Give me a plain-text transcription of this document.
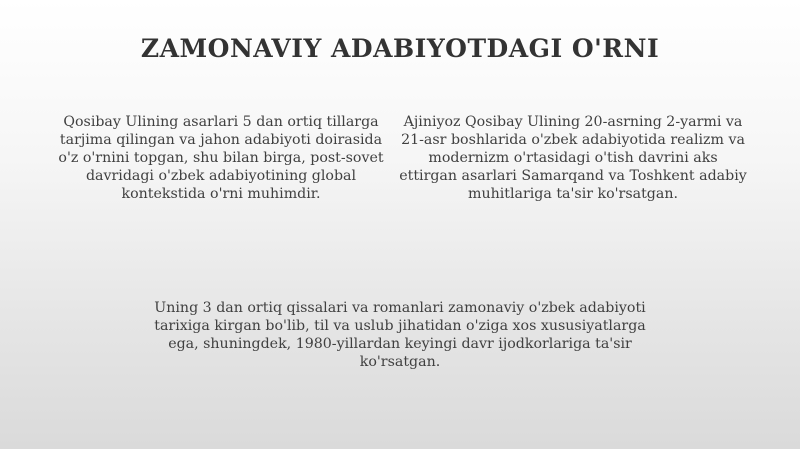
ZAMONAVIY ADABIYOTDAGI O'RNI
Qosibay Ulining asarlari 5 dan ortiq tillarga tarjima qilingan va jahon adabiyoti doirasida o'z o'rnini topgan, shu bilan birga, post-sovet davridagi o'zbek adabiyotining global kontekstida o'rni muhimdir.
Ajiniyoz Qosibay Ulining 20-asrning 2-yarmi va 21-asr boshlarida o'zbek adabiyotida realizm va modernizm o'rtasidagi o'tish davrini aks ettirgan asarlari Samarqand va Toshkent adabiy muhitlariga ta'sir ko'rsatgan.
Uning 3 dan ortiq qissalari va romanlari zamonaviy o'zbek adabiyoti tarixiga kirgan bo'lib, til va uslub jihatidan o'ziga xos xususiyatlarga ega, shuningdek, 1980-yillardan keyingi davr ijodkorlariga ta'sir ko'rsatgan.
